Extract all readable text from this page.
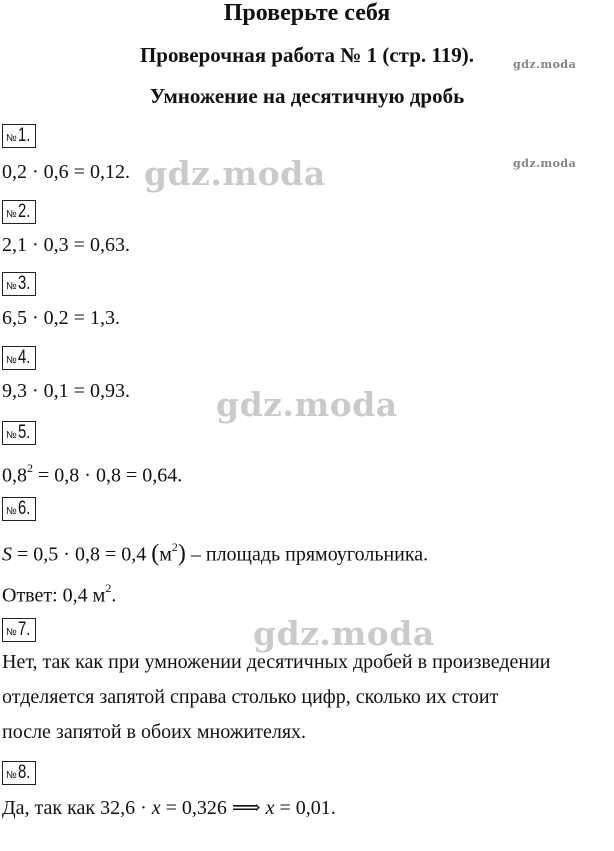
Проверьте себя
Проверочная работа № 1 (стр. 119).
Умножение на десятичную дробь
gdz.moda
gdz.moda
gdz.moda
gdz.moda
gdz.moda
№ 1.
0,2 · 0,6 = 0,12.
№ 2.
2,1 · 0,3 = 0,63.
№ 3.
6,5 · 0,2 = 1,3.
№ 4.
9,3 · 0,1 = 0,93.
№ 5.
$0,8^2 = 0,8 \cdot 0,8 = 0,64$.
№ 6.
S = 0,5 · 0,8 = 0,4 $(м^2)$ – площадь прямоугольника.
Ответ: 0,4 $м^2$.
№ 7.
Нет, так как при умножении десятичных дробей в произведении
отделяется запятой справа столько цифр, сколько их стоит
после запятой в обоих множителях.
№ 8.
Да, так как 32,6 · x = 0,326 ⟹ x = 0,01.
